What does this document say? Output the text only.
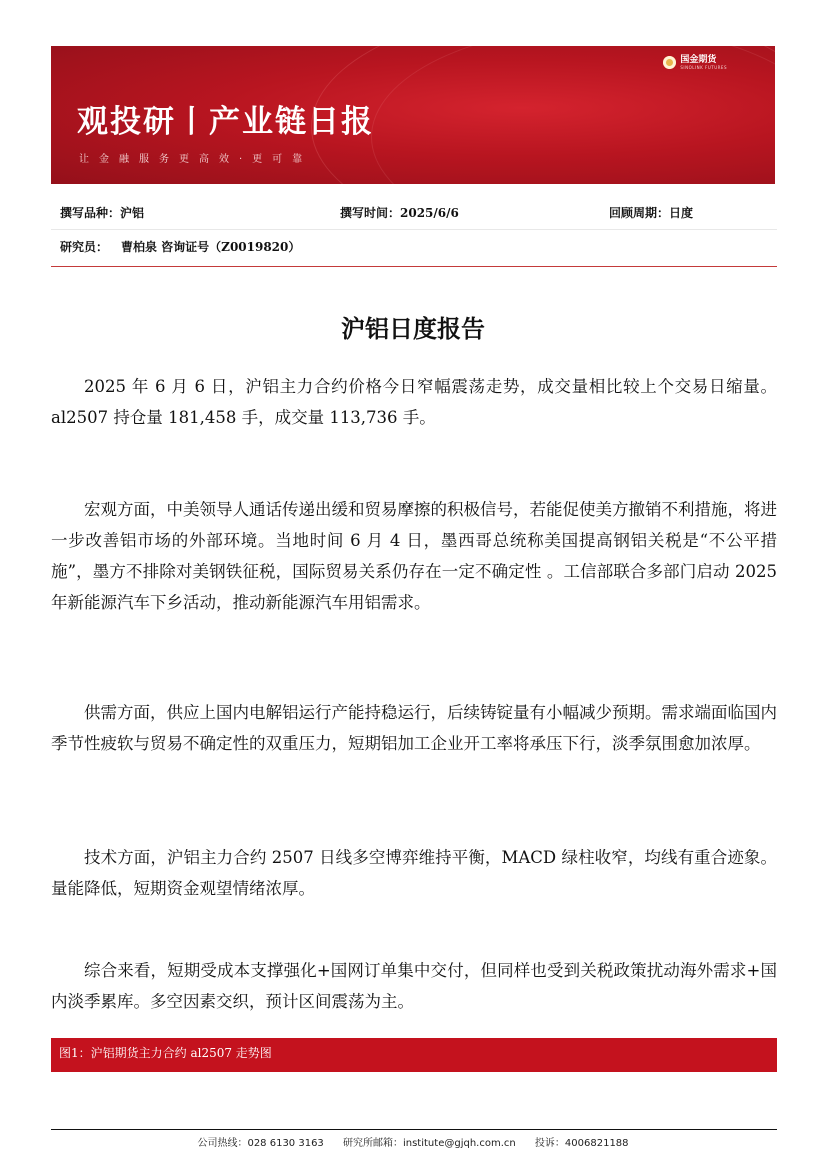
国金期货
SINOLINK FUTURES
观投研丨产业链日报
让金融服务更高效·更可靠
撰写品种：沪铝	撰写时间：2025/6/6	回顾周期：日度
研究员： 曹柏泉 咨询证号（Z0019820）
沪铝日度报告

2025 年 6 月 6 日，沪铝主力合约价格今日窄幅震荡走势，成交量相比较上个交易日缩量。al2507 持仓量 181,458 手，成交量 113,736 手。

宏观方面，中美领导人通话传递出缓和贸易摩擦的积极信号，若能促使美方撤销不利措施，将进一步改善铝市场的外部环境。当地时间 6 月 4 日，墨西哥总统称美国提高钢铝关税是“不公平措施”，墨方不排除对美钢铁征税，国际贸易关系仍存在一定不确定性 。工信部联合多部门启动 2025 年新能源汽车下乡活动，推动新能源汽车用铝需求。

供需方面，供应上国内电解铝运行产能持稳运行，后续铸锭量有小幅减少预期。需求端面临国内季节性疲软与贸易不确定性的双重压力，短期铝加工企业开工率将承压下行，淡季氛围愈加浓厚。

技术方面，沪铝主力合约 2507 日线多空博弈维持平衡，MACD 绿柱收窄，均线有重合迹象。量能降低，短期资金观望情绪浓厚。

综合来看，短期受成本支撑强化+国网订单集中交付，但同样也受到关税政策扰动海外需求+国内淡季累库。多空因素交织，预计区间震荡为主。

图1：沪铝期货主力合约 al2507 走势图
公司热线：028 6130 3163 研究所邮箱：institute@gjqh.com.cn 投诉：4006821188
